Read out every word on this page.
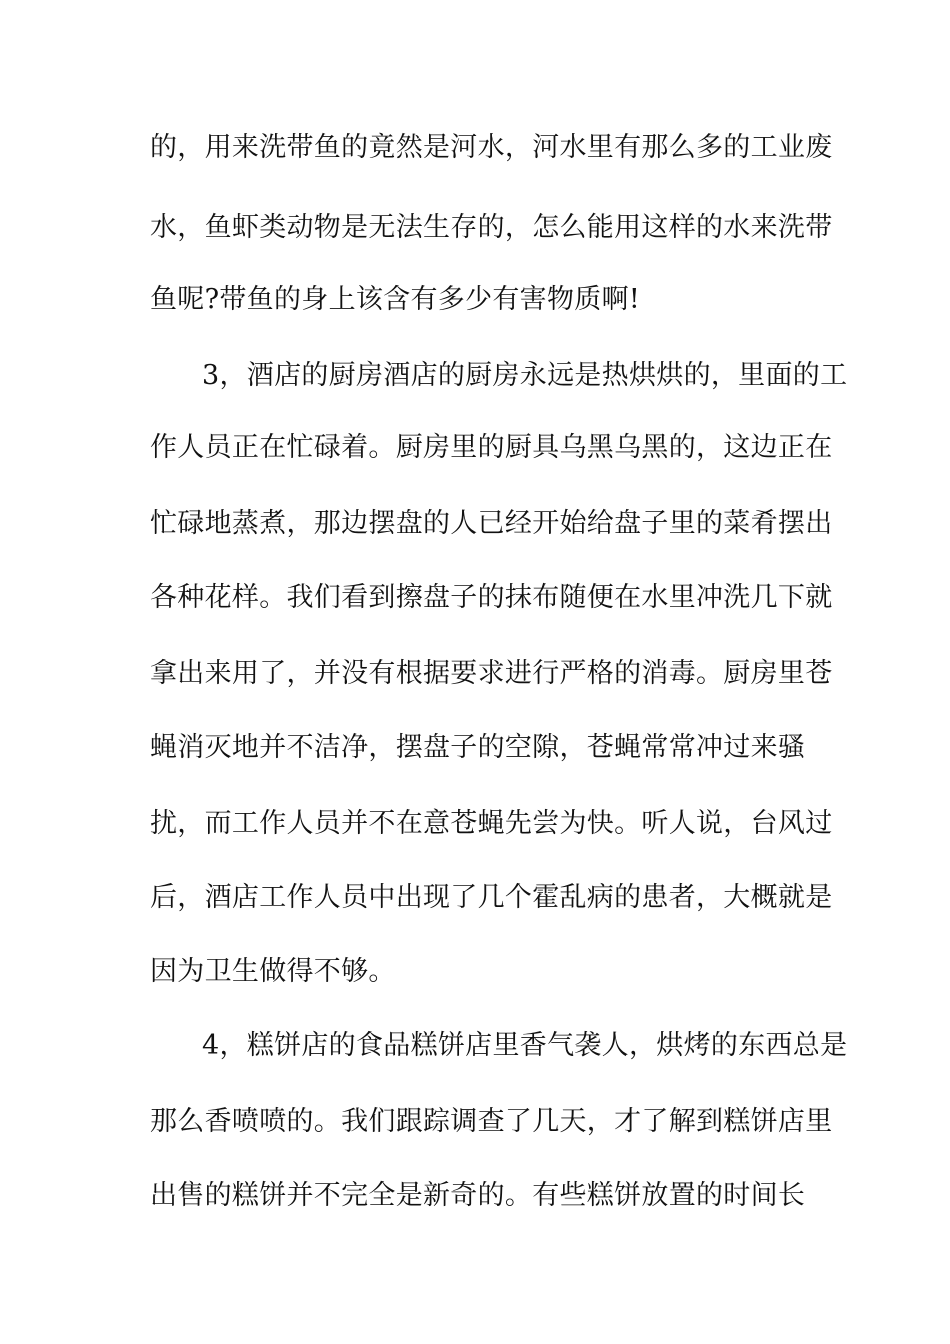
的，用来洗带鱼的竟然是河水，河水里有那么多的工业废

水，鱼虾类动物是无法生存的，怎么能用这样的水来洗带

鱼呢?带鱼的身上该含有多少有害物质啊!

3，酒店的厨房酒店的厨房永远是热烘烘的，里面的工

作人员正在忙碌着。厨房里的厨具乌黑乌黑的，这边正在

忙碌地蒸煮，那边摆盘的人已经开始给盘子里的菜肴摆出

各种花样。我们看到擦盘子的抹布随便在水里冲洗几下就

拿出来用了，并没有根据要求进行严格的消毒。厨房里苍

蝇消灭地并不洁净，摆盘子的空隙，苍蝇常常冲过来骚

扰，而工作人员并不在意苍蝇先尝为快。听人说，台风过

后，酒店工作人员中出现了几个霍乱病的患者，大概就是

因为卫生做得不够。

4，糕饼店的食品糕饼店里香气袭人，烘烤的东西总是

那么香喷喷的。我们跟踪调查了几天，才了解到糕饼店里

出售的糕饼并不完全是新奇的。有些糕饼放置的时间长
